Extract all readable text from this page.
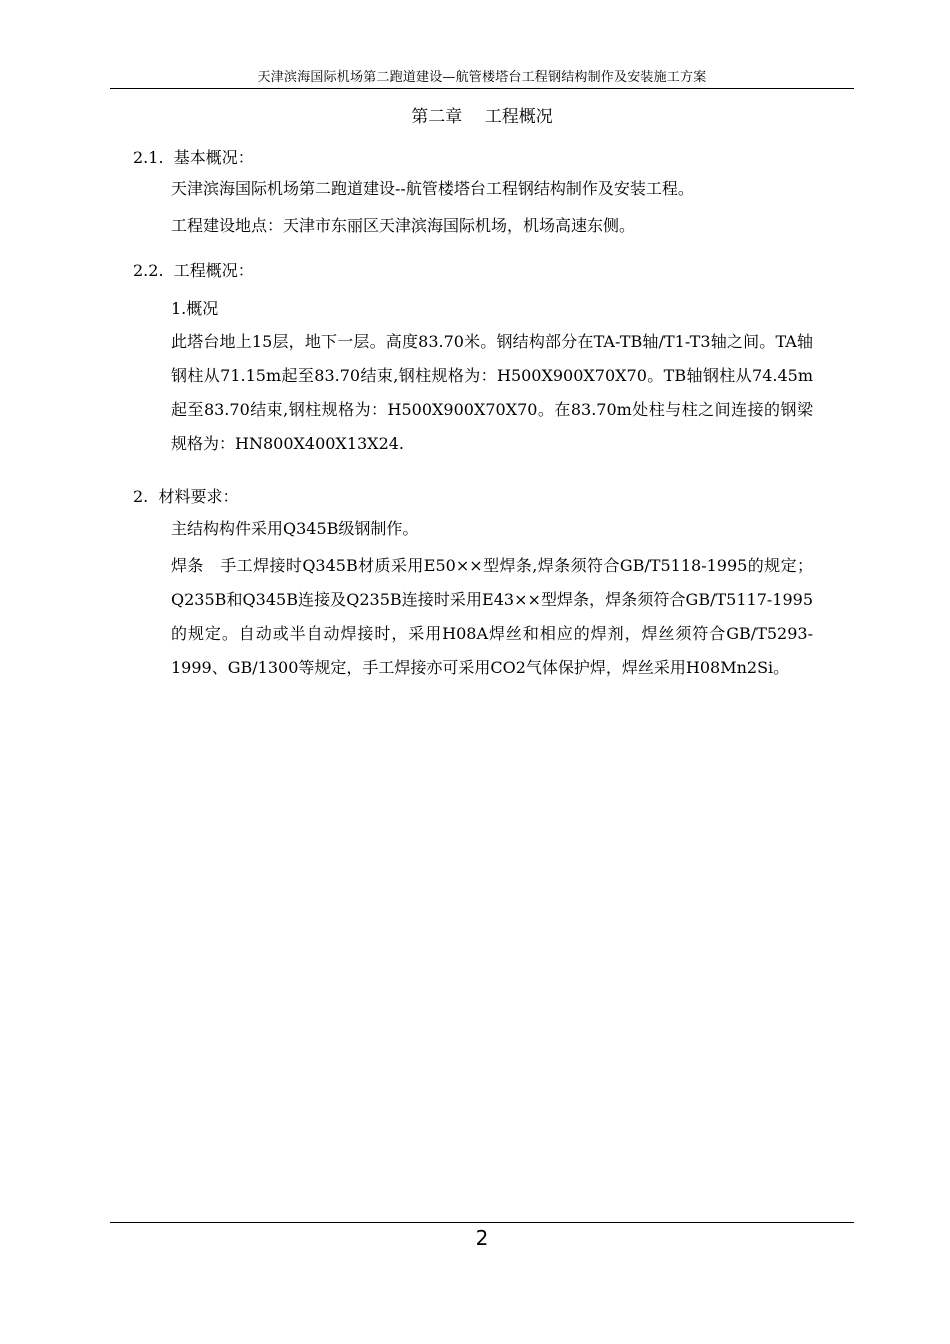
天津滨海国际机场第二跑道建设—航管楼塔台工程钢结构制作及安装施工方案
第二章　 工程概况
2.1.  基本概况：
天津滨海国际机场第二跑道建设--航管楼塔台工程钢结构制作及安装工程。
工程建设地点：天津市东丽区天津滨海国际机场，机场高速东侧。
2.2.  工程概况：
1.概况
此塔台地上15层，地下一层。高度83.70米。钢结构部分在TA-TB轴/T1-T3轴之间。TA轴钢柱从71.15m起至83.70结束,钢柱规格为：H500X900X70X70。TB轴钢柱从74.45m起至83.70结束,钢柱规格为：H500X900X70X70。在83.70m处柱与柱之间连接的钢梁规格为：HN800X400X13X24.
2.  材料要求：
主结构构件采用Q345B级钢制作。
焊条　手工焊接时Q345B材质采用E50××型焊条,焊条须符合GB/T5118-1995的规定； Q235B和Q345B连接及Q235B连接时采用E43××型焊条，焊条须符合GB/T5117-1995的规定。自动或半自动焊接时，采用H08A焊丝和相应的焊剂，焊丝须符合GB/T5293-1999、GB/1300等规定，手工焊接亦可采用CO2气体保护焊，焊丝采用H08Mn2Si。
2
